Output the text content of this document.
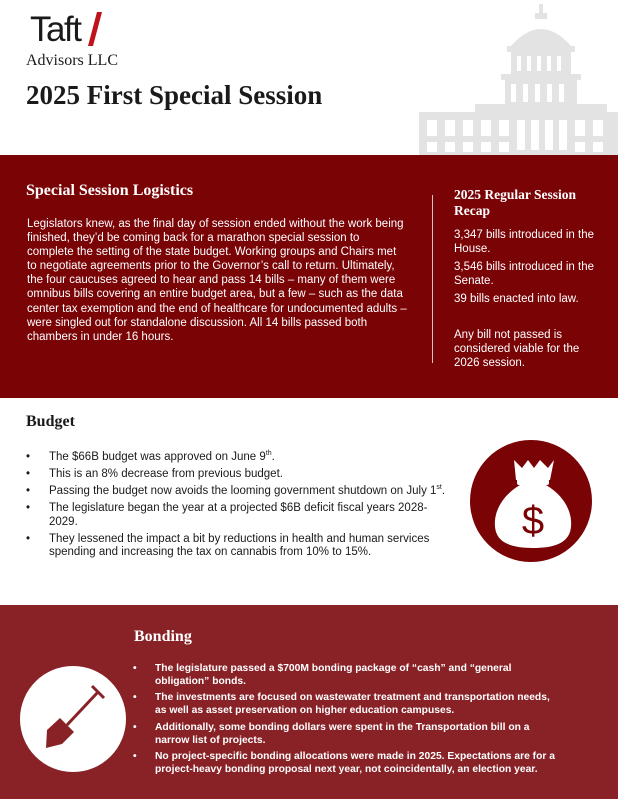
Taft
Advisors LLC
2025 First Special Session
Special Session Logistics

Legislators knew, as the final day of session ended without the work being finished, they’d be coming back for a marathon special session to complete the setting of the state budget. Working groups and Chairs met to negotiate agreements prior to the Governor’s call to return. Ultimately, the four caucuses agreed to hear and pass 14 bills – many of them were omnibus bills covering an entire budget area, but a few – such as the data center tax exemption and the end of healthcare for undocumented adults – were singled out for standalone discussion. All 14 bills passed both chambers in under 16 hours.

2025 Regular Session Recap

3,347 bills introduced in the House.

3,546 bills introduced in the Senate.

39 bills enacted into law.

Any bill not passed is considered viable for the 2026 session.

Budget
• The $66B budget was approved on June 9th.
• This is an 8% decrease from previous budget.
• Passing the budget now avoids the looming government shutdown on July 1st.
• The legislature began the year at a projected $6B deficit fiscal years 2028-2029.
• They lessened the impact a bit by reductions in health and human services spending and increasing the tax on cannabis from 10% to 15%.
$
Bonding
• The legislature passed a $700M bonding package of “cash” and “general obligation” bonds.
• The investments are focused on wastewater treatment and transportation needs, as well as asset preservation on higher education campuses.
• Additionally, some bonding dollars were spent in the Transportation bill on a narrow list of projects.
• No project-specific bonding allocations were made in 2025. Expectations are for a project-heavy bonding proposal next year, not coincidentally, an election year.
